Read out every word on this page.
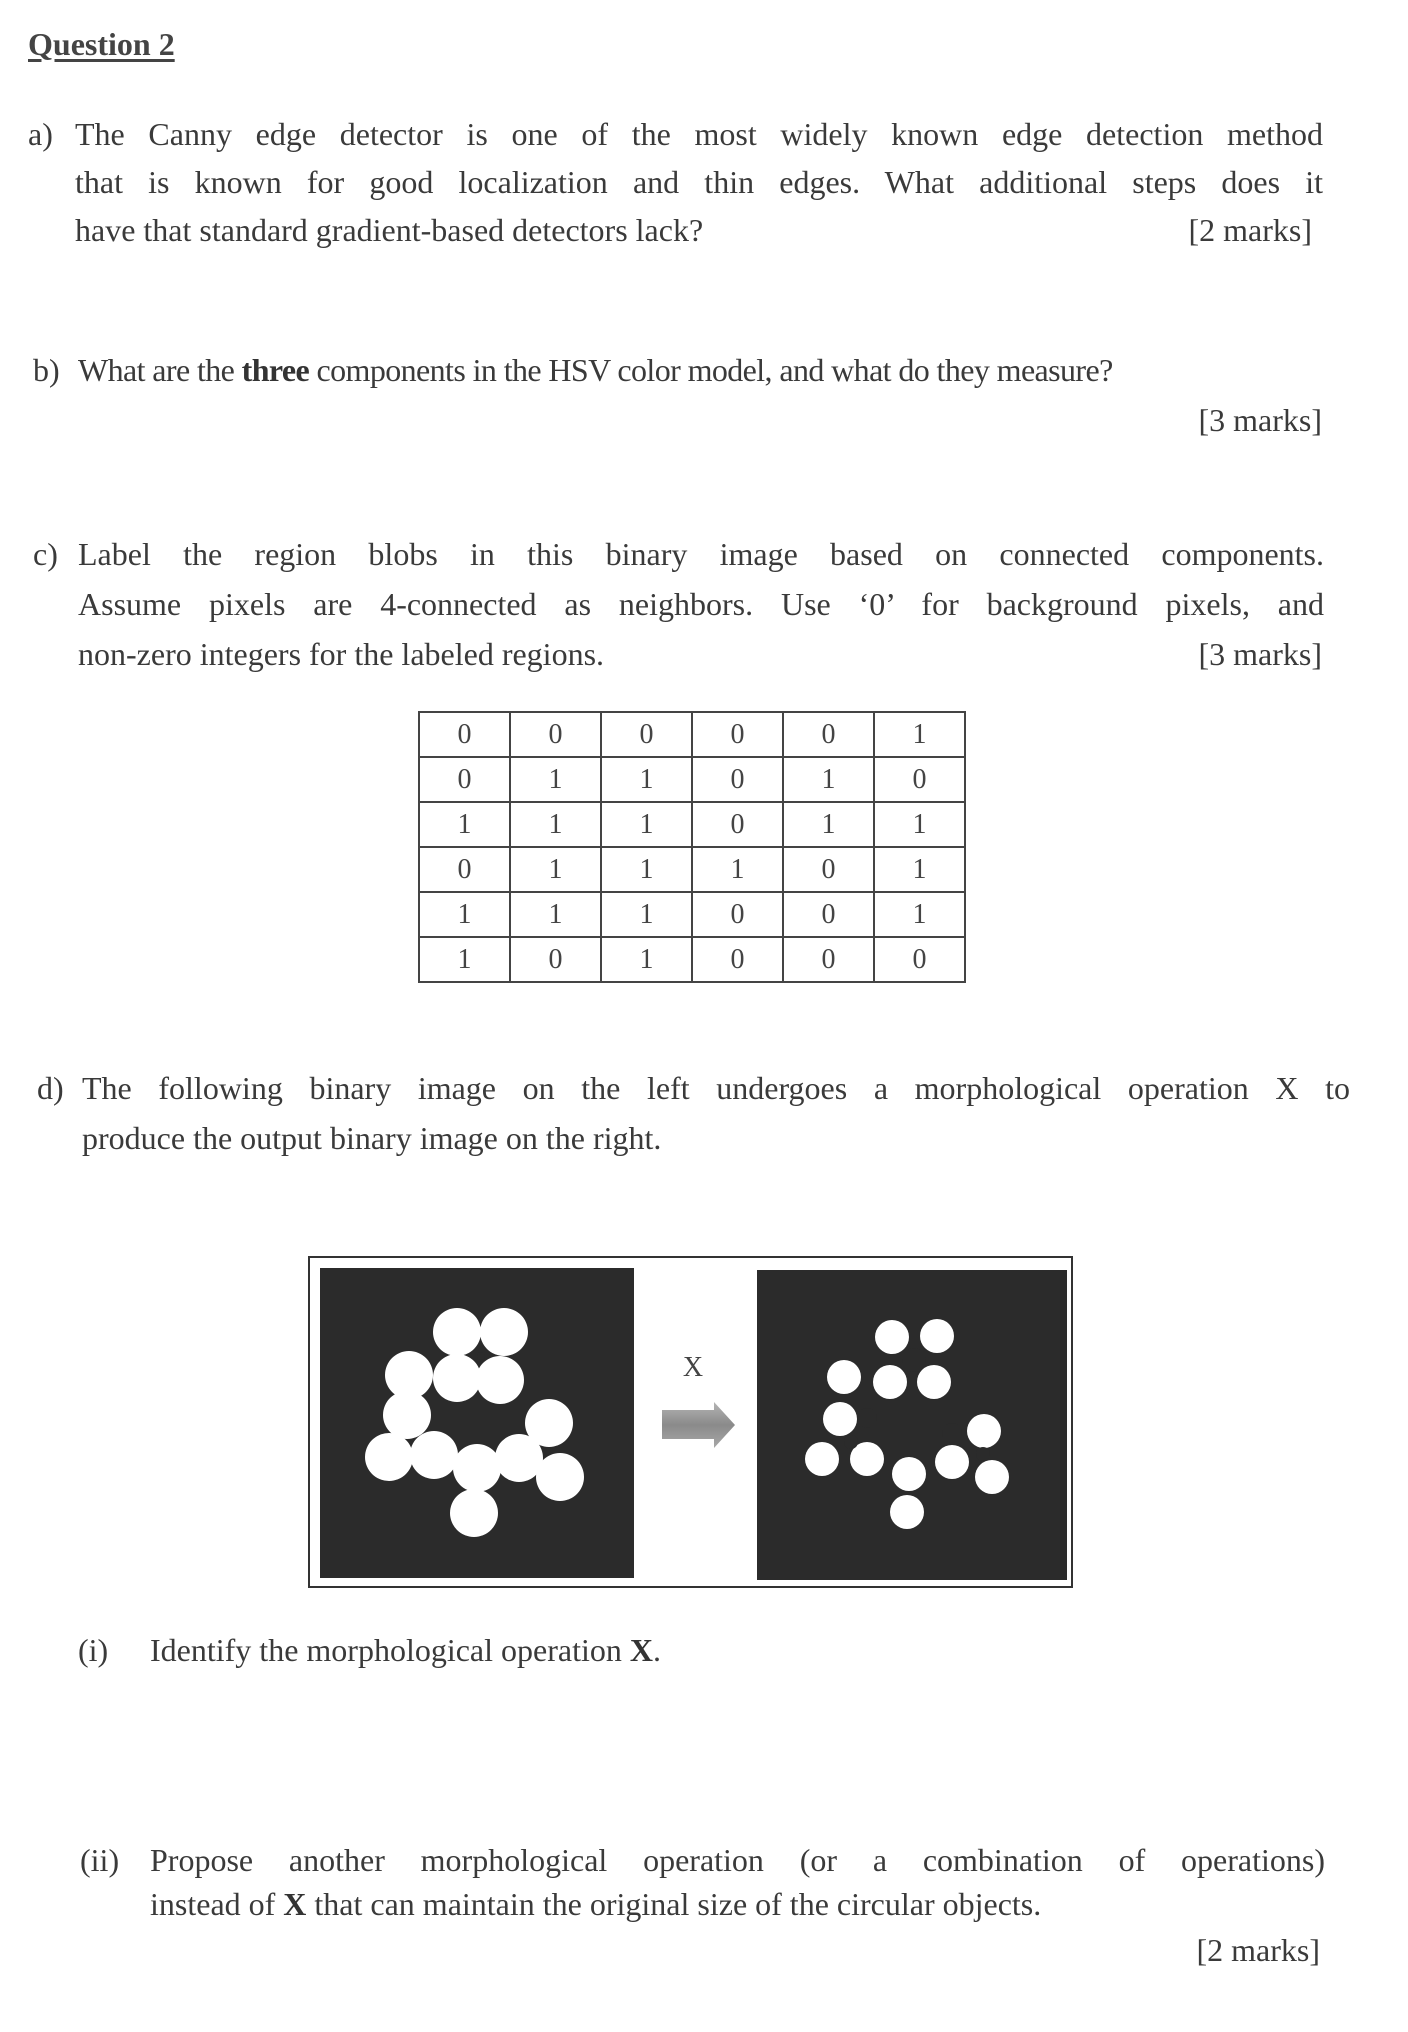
Question 2
a) The Canny edge detector is one of the most widely known edge detection method
that is known for good localization and thin edges. What additional steps does it
have that standard gradient-based detectors lack?	[2 marks]
b) What are the three components in the HSV color model, and what do they measure?
[3 marks]
c) Label the region blobs in this binary image based on connected components.
Assume pixels are 4-connected as neighbors. Use ‘0’ for background pixels, and
non-zero integers for the labeled regions.	[3 marks]
0	0	0	0	0	1
0	1	1	0	1	0
1	1	1	0	1	1
0	1	1	1	0	1
1	1	1	0	0	1
1	0	1	0	0	0
d) The following binary image on the left undergoes a morphological operation X to
produce the output binary image on the right.
X
(i) Identify the morphological operation X.
(ii) Propose another morphological operation (or a combination of operations)
instead of X that can maintain the original size of the circular objects.
[2 marks]
